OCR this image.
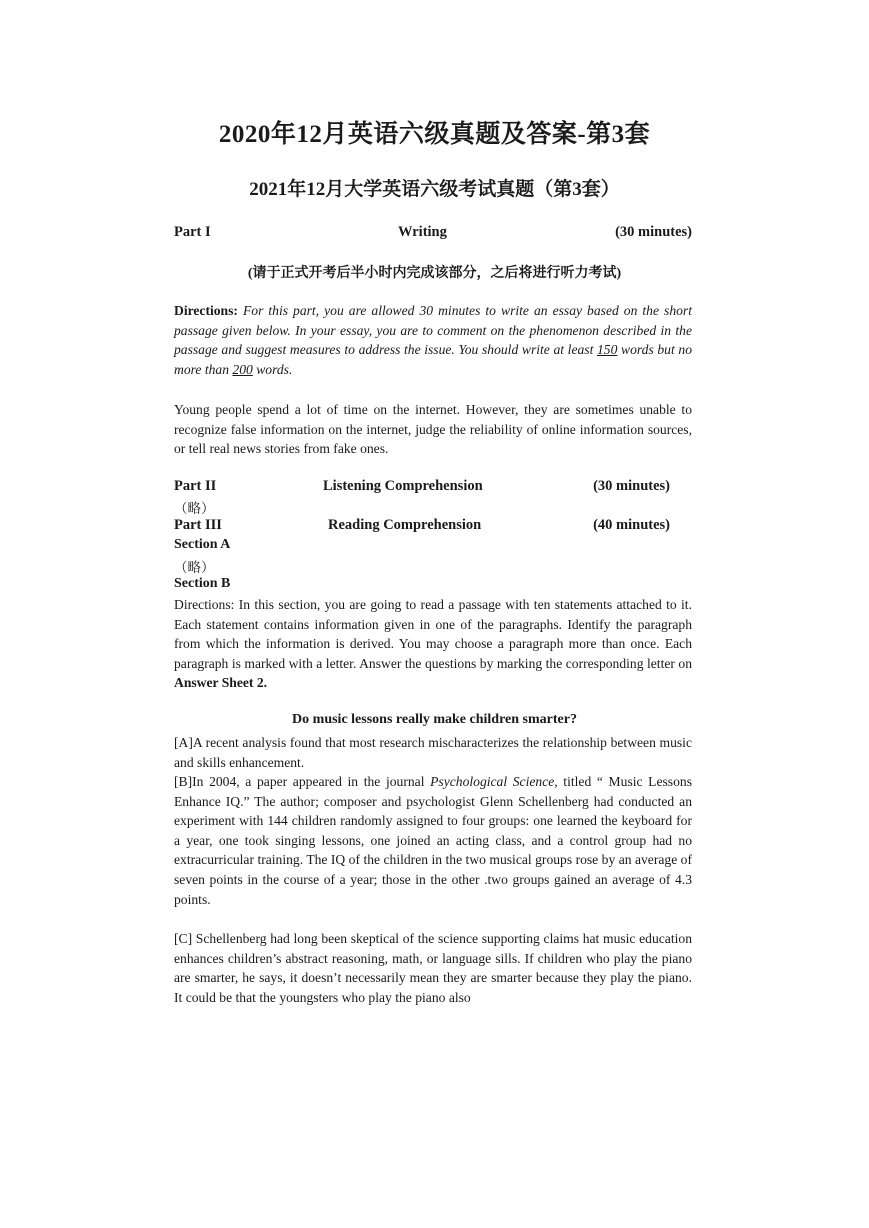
2020年12月英语六级真题及答案-第3套
2021年12月大学英语六级考试真题（第3套）
Part I	Writing	(30 minutes)
(请于正式开考后半小时内完成该部分，之后将进行听力考试)
Directions: For this part, you are allowed 30 minutes to write an essay based on the short passage given below. In your essay, you are to comment on the phenomenon described in the passage and suggest measures to address the issue. You should write at least 150 words but no more than 200 words.
Young people spend a lot of time on the internet. However, they are sometimes unable to recognize false information on the internet, judge the reliability of online information sources, or tell real news stories from fake ones.
Part II	Listening Comprehension	(30 minutes)
（略）
Part III	Reading Comprehension	(40 minutes)
Section A
（略）
Section B
Directions: In this section, you are going to read a passage with ten statements attached to it. Each statement contains information given in one of the paragraphs. Identify the paragraph from which the information is derived. You may choose a paragraph more than once. Each paragraph is marked with a letter. Answer the questions by marking the corresponding letter on Answer Sheet 2.
Do music lessons really make children smarter?
[A]A recent analysis found that most research mischaracterizes the relationship between music and skills enhancement.
[B]In 2004, a paper appeared in the journal Psychological Science, titled “ Music Lessons Enhance IQ.” The author; composer and psychologist Glenn Schellenberg had conducted an experiment with 144 children randomly assigned to four groups: one learned the keyboard for a year, one took singing lessons, one joined an acting class, and a control group had no extracurricular training. The IQ of the children in the two musical groups rose by an average of seven points in the course of a year; those in the other .two groups gained an average of 4.3 points.
[C] Schellenberg had long been skeptical of the science supporting claims hat music education enhances children’s abstract reasoning, math, or language sills. If children who play the piano are smarter, he says, it doesn’t necessarily mean they are smarter because they play the piano. It could be that the youngsters who play the piano also
